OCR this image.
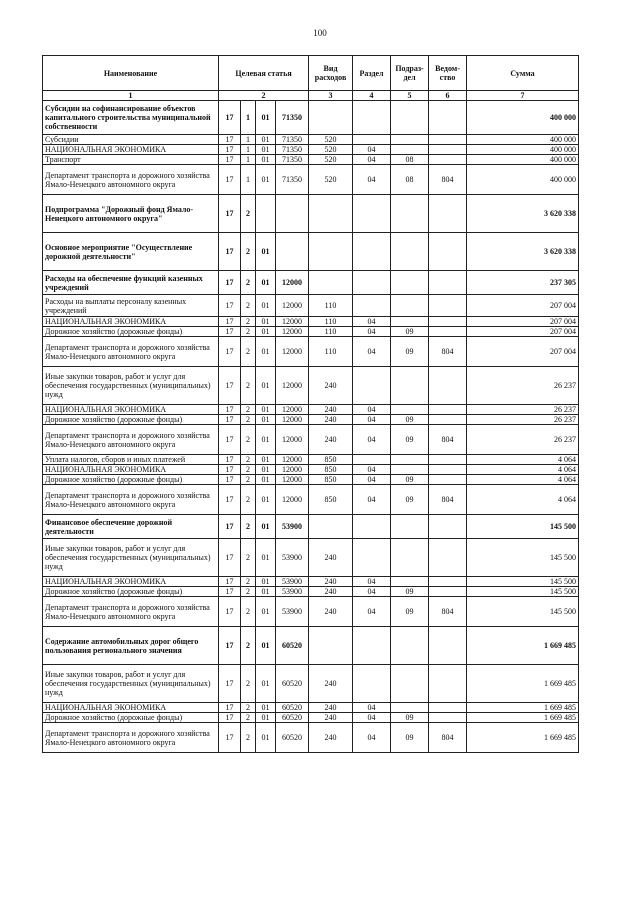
100
Наименование	Целевая статья				Вид расходов	Раздел	Подраз-дел	Ведом-ство	Сумма
1	2				3	4	5	6	7
Субсидии на софинансирование объектов капитального строительства муниципальной собственности	17	1	01	71350					400 000
Субсидии	17	1	01	71350	520				400 000
НАЦИОНАЛЬНАЯ ЭКОНОМИКА	17	1	01	71350	520	04			400 000
Транспорт	17	1	01	71350	520	04	08		400 000
Департамент транспорта и дорожного хозяйства Ямало-Ненецкого автономного округа	17	1	01	71350	520	04	08	804	400 000
Подпрограмма "Дорожный фонд Ямало-Ненецкого автономного округа"	17	2							3 620 338
Основное мероприятие "Осуществление дорожной деятельности"	17	2	01						3 620 338
Расходы на обеспечение функций казенных учреждений	17	2	01	12000					237 305
Расходы на выплаты персоналу казенных учреждений	17	2	01	12000	110				207 004
НАЦИОНАЛЬНАЯ ЭКОНОМИКА	17	2	01	12000	110	04			207 004
Дорожное хозяйство (дорожные фонды)	17	2	01	12000	110	04	09		207 004
Департамент транспорта и дорожного хозяйства Ямало-Ненецкого автономного округа	17	2	01	12000	110	04	09	804	207 004
Иные закупки товаров, работ и услуг для обеспечения государственных (муниципальных) нужд	17	2	01	12000	240				26 237
НАЦИОНАЛЬНАЯ ЭКОНОМИКА	17	2	01	12000	240	04			26 237
Дорожное хозяйство (дорожные фонды)	17	2	01	12000	240	04	09		26 237
Департамент транспорта и дорожного хозяйства Ямало-Ненецкого автономного округа	17	2	01	12000	240	04	09	804	26 237
Уплата налогов, сборов и иных платежей	17	2	01	12000	850				4 064
НАЦИОНАЛЬНАЯ ЭКОНОМИКА	17	2	01	12000	850	04			4 064
Дорожное хозяйство (дорожные фонды)	17	2	01	12000	850	04	09		4 064
Департамент транспорта и дорожного хозяйства Ямало-Ненецкого автономного округа	17	2	01	12000	850	04	09	804	4 064
Финансовое обеспечение дорожной деятельности	17	2	01	53900					145 500
Иные закупки товаров, работ и услуг для обеспечения государственных (муниципальных) нужд	17	2	01	53900	240				145 500
НАЦИОНАЛЬНАЯ ЭКОНОМИКА	17	2	01	53900	240	04			145 500
Дорожное хозяйство (дорожные фонды)	17	2	01	53900	240	04	09		145 500
Департамент транспорта и дорожного хозяйства Ямало-Ненецкого автономного округа	17	2	01	53900	240	04	09	804	145 500
Содержание автомобильных дорог общего пользования регионального значения	17	2	01	60520					1 669 485
Иные закупки товаров, работ и услуг для обеспечения государственных (муниципальных) нужд	17	2	01	60520	240				1 669 485
НАЦИОНАЛЬНАЯ ЭКОНОМИКА	17	2	01	60520	240	04			1 669 485
Дорожное хозяйство (дорожные фонды)	17	2	01	60520	240	04	09		1 669 485
Департамент транспорта и дорожного хозяйства Ямало-Ненецкого автономного округа	17	2	01	60520	240	04	09	804	1 669 485
